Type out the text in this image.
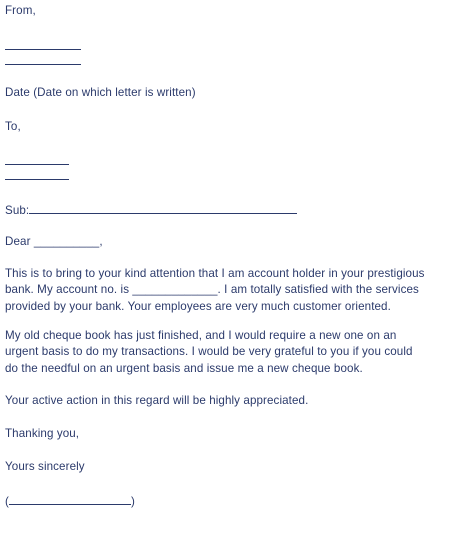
From,
Date (Date on which letter is written)
To,
Sub:
Dear __________,
This is to bring to your kind attention that I am account holder in your prestigious
bank. My account no. is _____________. I am totally satisfied with the services
provided by your bank. Your employees are very much customer oriented.
My old cheque book has just finished, and I would require a new one on an
urgent basis to do my transactions. I would be very grateful to you if you could
do the needful on an urgent basis and issue me a new cheque book.
Your active action in this regard will be highly appreciated.
Thanking you,
Yours sincerely
(	)
